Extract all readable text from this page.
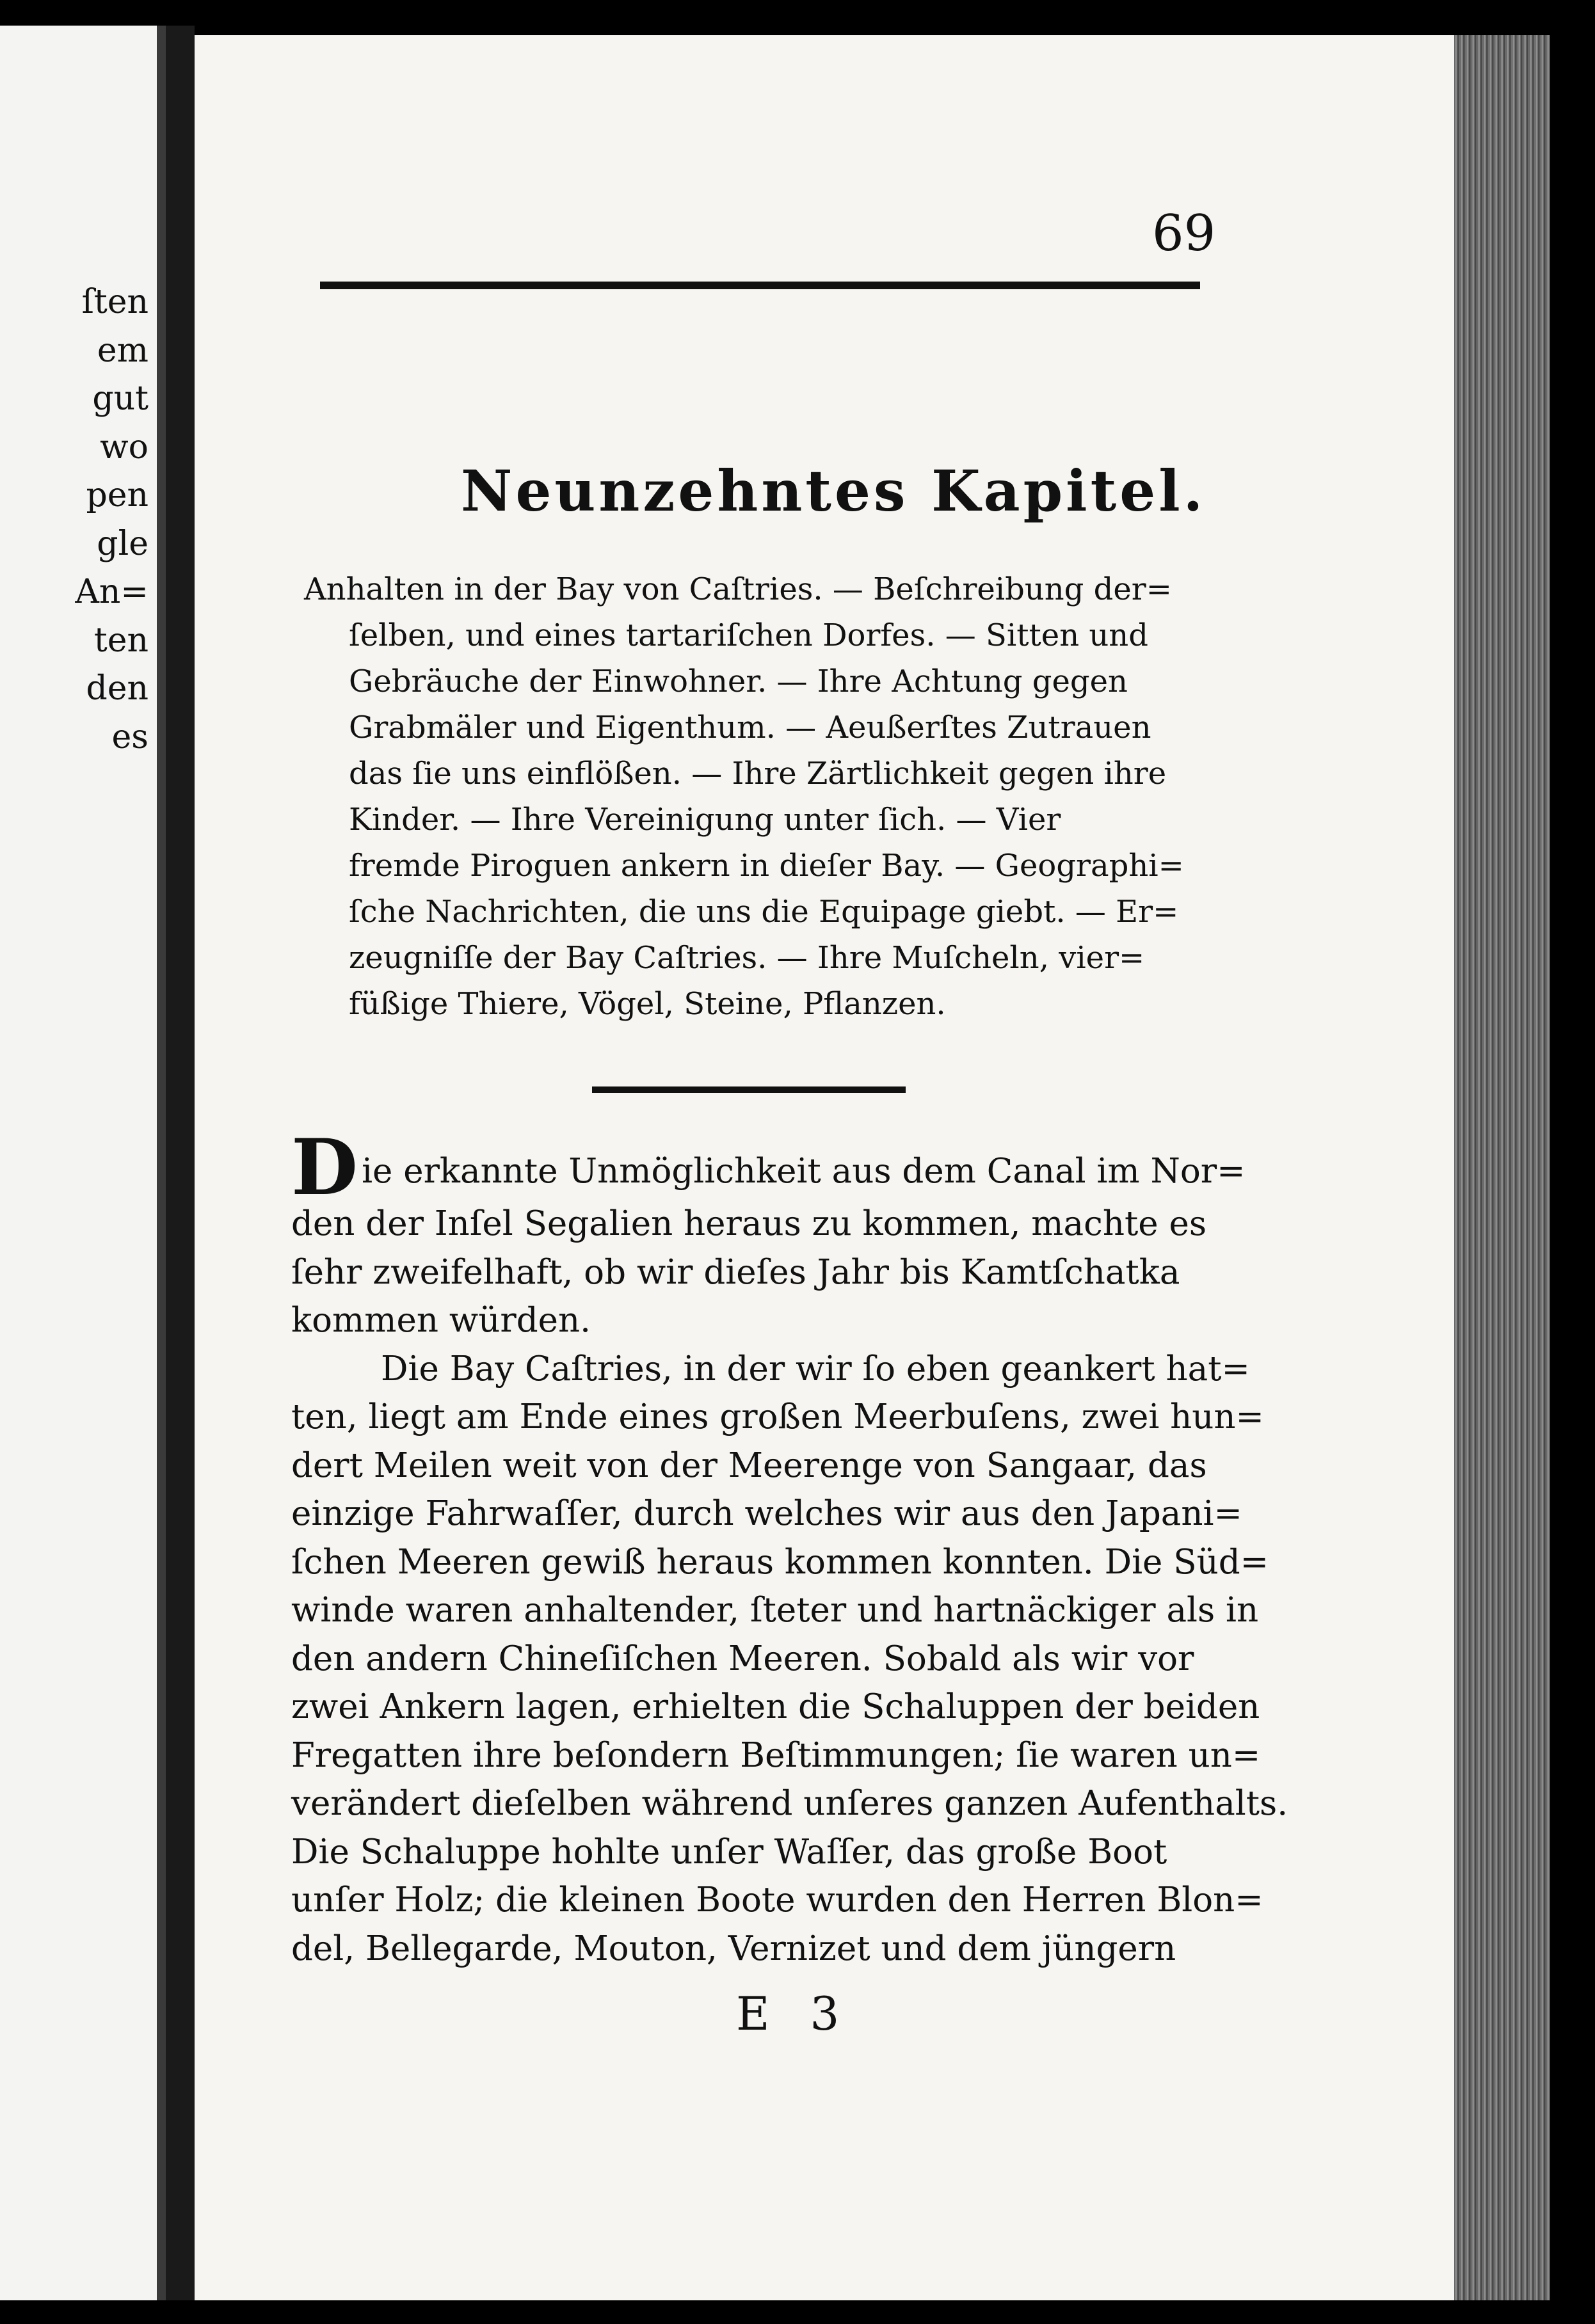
ſten
em
gut
wo
pen
gle
An=
ten
den
es
69
Neunzehntes Kapitel.
Anhalten in der Bay von Caſtries. — Beſchreibung der=
ſelben, und eines tartariſchen Dorfes. — Sitten und
Gebräuche der Einwohner. — Ihre Achtung gegen
Grabmäler und Eigenthum. — Aeußerſtes Zutrauen
das ſie uns einflößen. — Ihre Zärtlichkeit gegen ihre
Kinder. — Ihre Vereinigung unter ſich. — Vier
fremde Piroguen ankern in dieſer Bay. — Geographi=
ſche Nachrichten, die uns die Equipage giebt. — Er=
zeugniſſe der Bay Caſtries. — Ihre Muſcheln, vier=
füßige Thiere, Vögel, Steine, Pflanzen.
Die erkannte Unmöglichkeit aus dem Canal im Nor=
den der Inſel Segalien heraus zu kommen, machte es
ſehr zweifelhaft, ob wir dieſes Jahr bis Kamtſchatka
kommen würden.
Die Bay Caſtries, in der wir ſo eben geankert hat=
ten, liegt am Ende eines großen Meerbuſens, zwei hun=
dert Meilen weit von der Meerenge von Sangaar, das
einzige Fahrwaſſer, durch welches wir aus den Japani=
ſchen Meeren gewiß heraus kommen konnten. Die Süd=
winde waren anhaltender, ſteter und hartnäckiger als in
den andern Chineſiſchen Meeren. Sobald als wir vor
zwei Ankern lagen, erhielten die Schaluppen der beiden
Fregatten ihre beſondern Beſtimmungen; ſie waren un=
verändert dieſelben während unſeres ganzen Aufenthalts.
Die Schaluppe hohlte unſer Waſſer, das große Boot
unſer Holz; die kleinen Boote wurden den Herren Blon=
del, Bellegarde, Mouton, Vernizet und dem jüngern
E 3
